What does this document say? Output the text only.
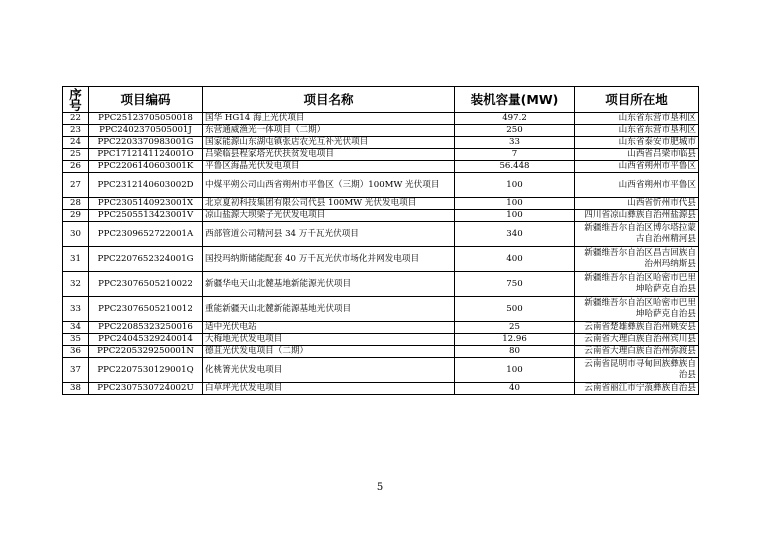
序号	项目编码	项目名称	装机容量(MW)	项目所在地
22	PPC2512370505001​8	国华 HG14 海上光伏项目	497.2	山东省东营市垦利区
23	PPC2402370505001J	东营通威渔光一体项目（二期）	250	山东省东营市垦利区
24	PPC2203370983001G	国家能源山东湖屯镇张店农光互补光伏项目	33	山东省泰安市肥城市
25	PPC1712141124001O	吕梁临县程家塔光伏扶贫发电项目	7	山西省吕梁市临县
26	PPC2206140603001K	平鲁区海晶光伏发电项目	56.448	山西省朔州市平鲁区
27	PPC2312140603002D	中煤平朔公司山西省朔州市平鲁区（三期）100MW 光伏项目	100	山西省朔州市平鲁区
28	PPC2305140923001X	北京夏初科技集团有限公司代县 100MW 光伏发电项目	100	山西省忻州市代县
29	PPC2505513423001V	凉山盐源大坝梁子光伏发电项目	100	四川省凉山彝族自治州盐源县
30	PPC2309652722001A	西部管道公司精河县 34 万千瓦光伏项目	340	新疆维吾尔自治区博尔塔拉蒙古自治州精河县
31	PPC2207652324001G	国投玛纳斯储能配套 40 万千瓦光伏市场化并网发电项目	400	新疆维吾尔自治区昌吉回族自治州玛纳斯县
32	PPC23076505210022	新疆华电天山北麓基地新能源光伏项目	750	新疆维吾尔自治区哈密市巴里坤哈萨克自治县
33	PPC23076505210012	重能新疆天山北麓新能源基地光伏项目	500	新疆维吾尔自治区哈密市巴里坤哈萨克自治县
34	PPC22085323250016	适中光伏电站	25	云南省楚雄彝族自治州姚安县
35	PPC24045329240014	大梅地光伏发电项目	12.96	云南省大理白族自治州宾川县
36	PPC2205329250001N	德苴光伏发电项目（二期）	80	云南省大理白族自治州弥渡县
37	PPC2207530129001Q	化桃箐光伏发电项目	100	云南省昆明市寻甸回族彝族自治县
38	PPC2307530724002U	白草坪光伏发电项目	40	云南省丽江市宁蒗彝族自治县
5
